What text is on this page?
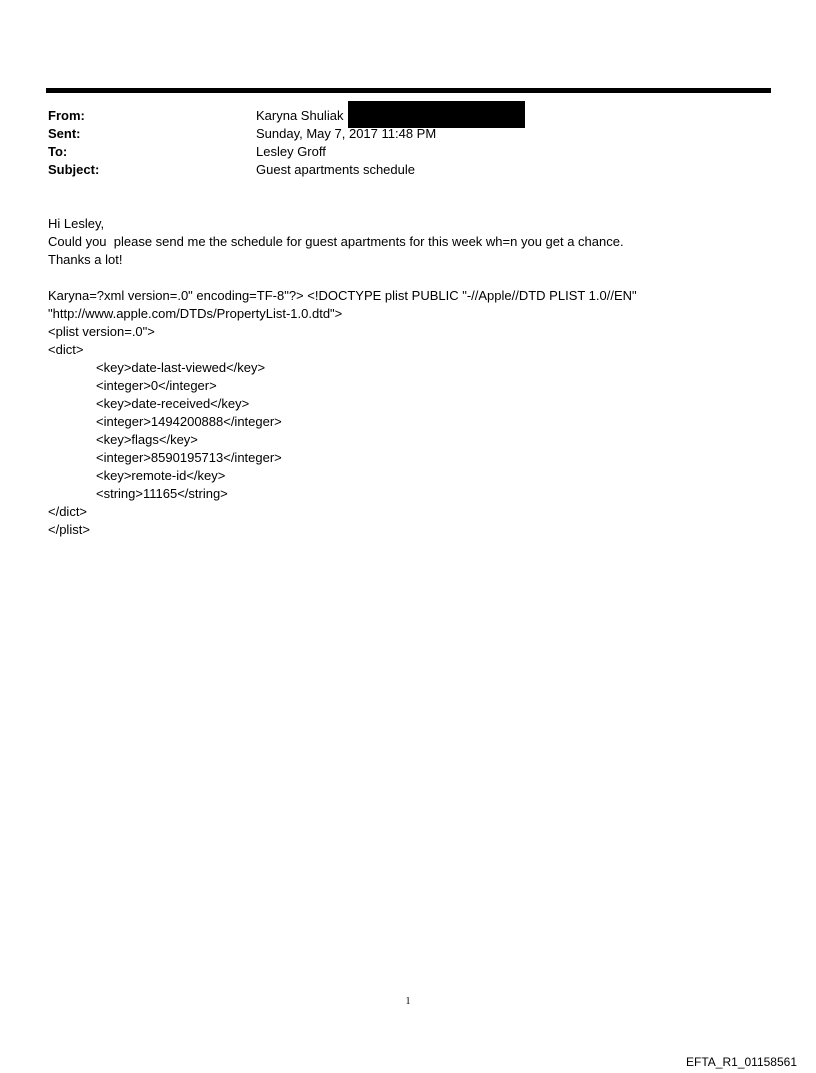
From:	Karyna Shuliak
Sent:	Sunday, May 7, 2017 11:48 PM
To:	Lesley Groff
Subject:	Guest apartments schedule
Hi Lesley,
Could you  please send me the schedule for guest apartments for this week wh=n you get a chance.
Thanks a lot!
Karyna=?xml version=.0" encoding=TF-8"?> <!DOCTYPE plist PUBLIC "-//Apple//DTD PLIST 1.0//EN"
"http://www.apple.com/DTDs/PropertyList-1.0.dtd">
<plist version=.0">
<dict>
<key>date-last-viewed</key>
<integer>0</integer>
<key>date-received</key>
<integer>1494200888</integer>
<key>flags</key>
<integer>8590195713</integer>
<key>remote-id</key>
<string>11165</string>
</dict>
</plist>
1
EFTA_R1_01158561
